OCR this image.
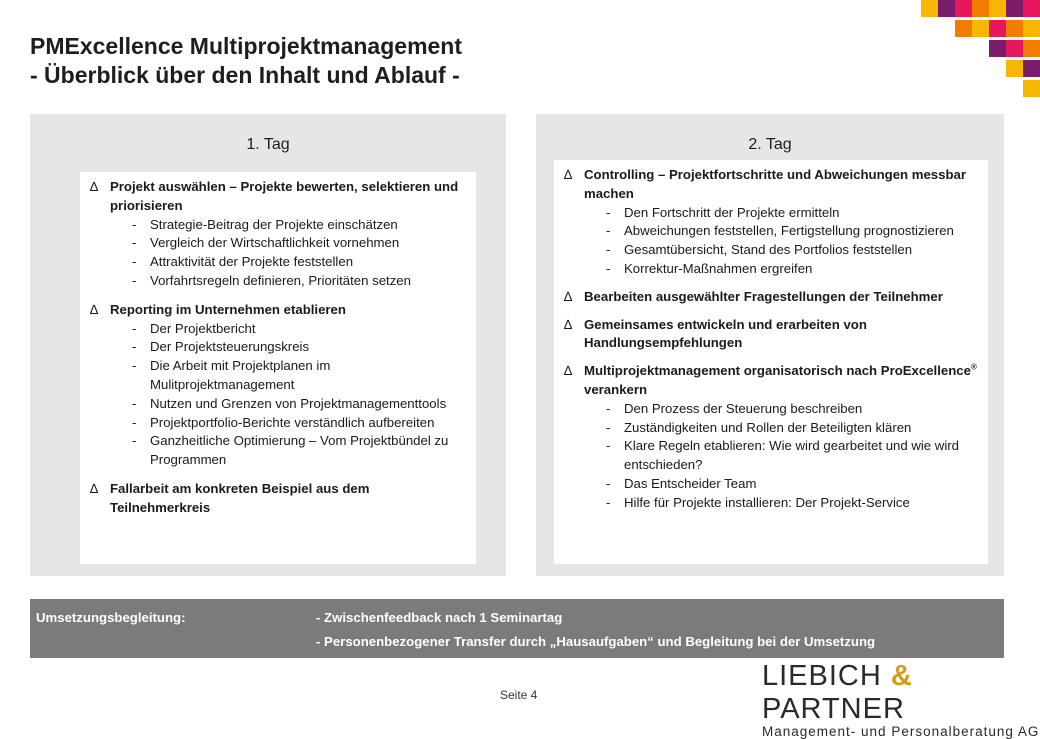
PMExcellence Multiprojektmanagement
- Überblick über den Inhalt und Ablauf -
1. Tag
∆ Projekt auswählen – Projekte bewerten, selektieren und priorisieren
- Strategie-Beitrag der Projekte einschätzen
- Vergleich der Wirtschaftlichkeit vornehmen
- Attraktivität der Projekte feststellen
- Vorfahrtsregeln definieren, Prioritäten setzen
∆ Reporting im Unternehmen etablieren
- Der Projektbericht
- Der Projektsteuerungskreis
- Die Arbeit mit Projektplanen im Mulitprojektmanagement
- Nutzen und Grenzen von Projektmanagementtools
- Projektportfolio-Berichte verständlich aufbereiten
- Ganzheitliche Optimierung – Vom Projektbündel zu Programmen
∆ Fallarbeit am konkreten Beispiel aus dem Teilnehmerkreis
2. Tag
∆ Controlling – Projektfortschritte und Abweichungen messbar machen
- Den Fortschritt der Projekte ermitteln
- Abweichungen feststellen, Fertigstellung prognostizieren
- Gesamtübersicht, Stand des Portfolios feststellen
- Korrektur-Maßnahmen ergreifen
∆ Bearbeiten ausgewählter Fragestellungen der Teilnehmer
∆ Gemeinsames entwickeln und erarbeiten von Handlungsempfehlungen
∆ Multiprojektmanagement organisatorisch nach ProExcellence® verankern
- Den Prozess der Steuerung beschreiben
- Zuständigkeiten und Rollen der Beteiligten klären
- Klare Regeln etablieren: Wie wird gearbeitet und wie wird entschieden?
- Das Entscheider Team
- Hilfe für Projekte installieren: Der Projekt-Service
Umsetzungsbegleitung:	- Zwischenfeedback nach 1 Seminartag
- Personenbezogener Transfer durch „Hausaufgaben“ und Begleitung bei der Umsetzung
LIEBICH & PARTNER
Management- und Personalberatung AG
Seite 4
